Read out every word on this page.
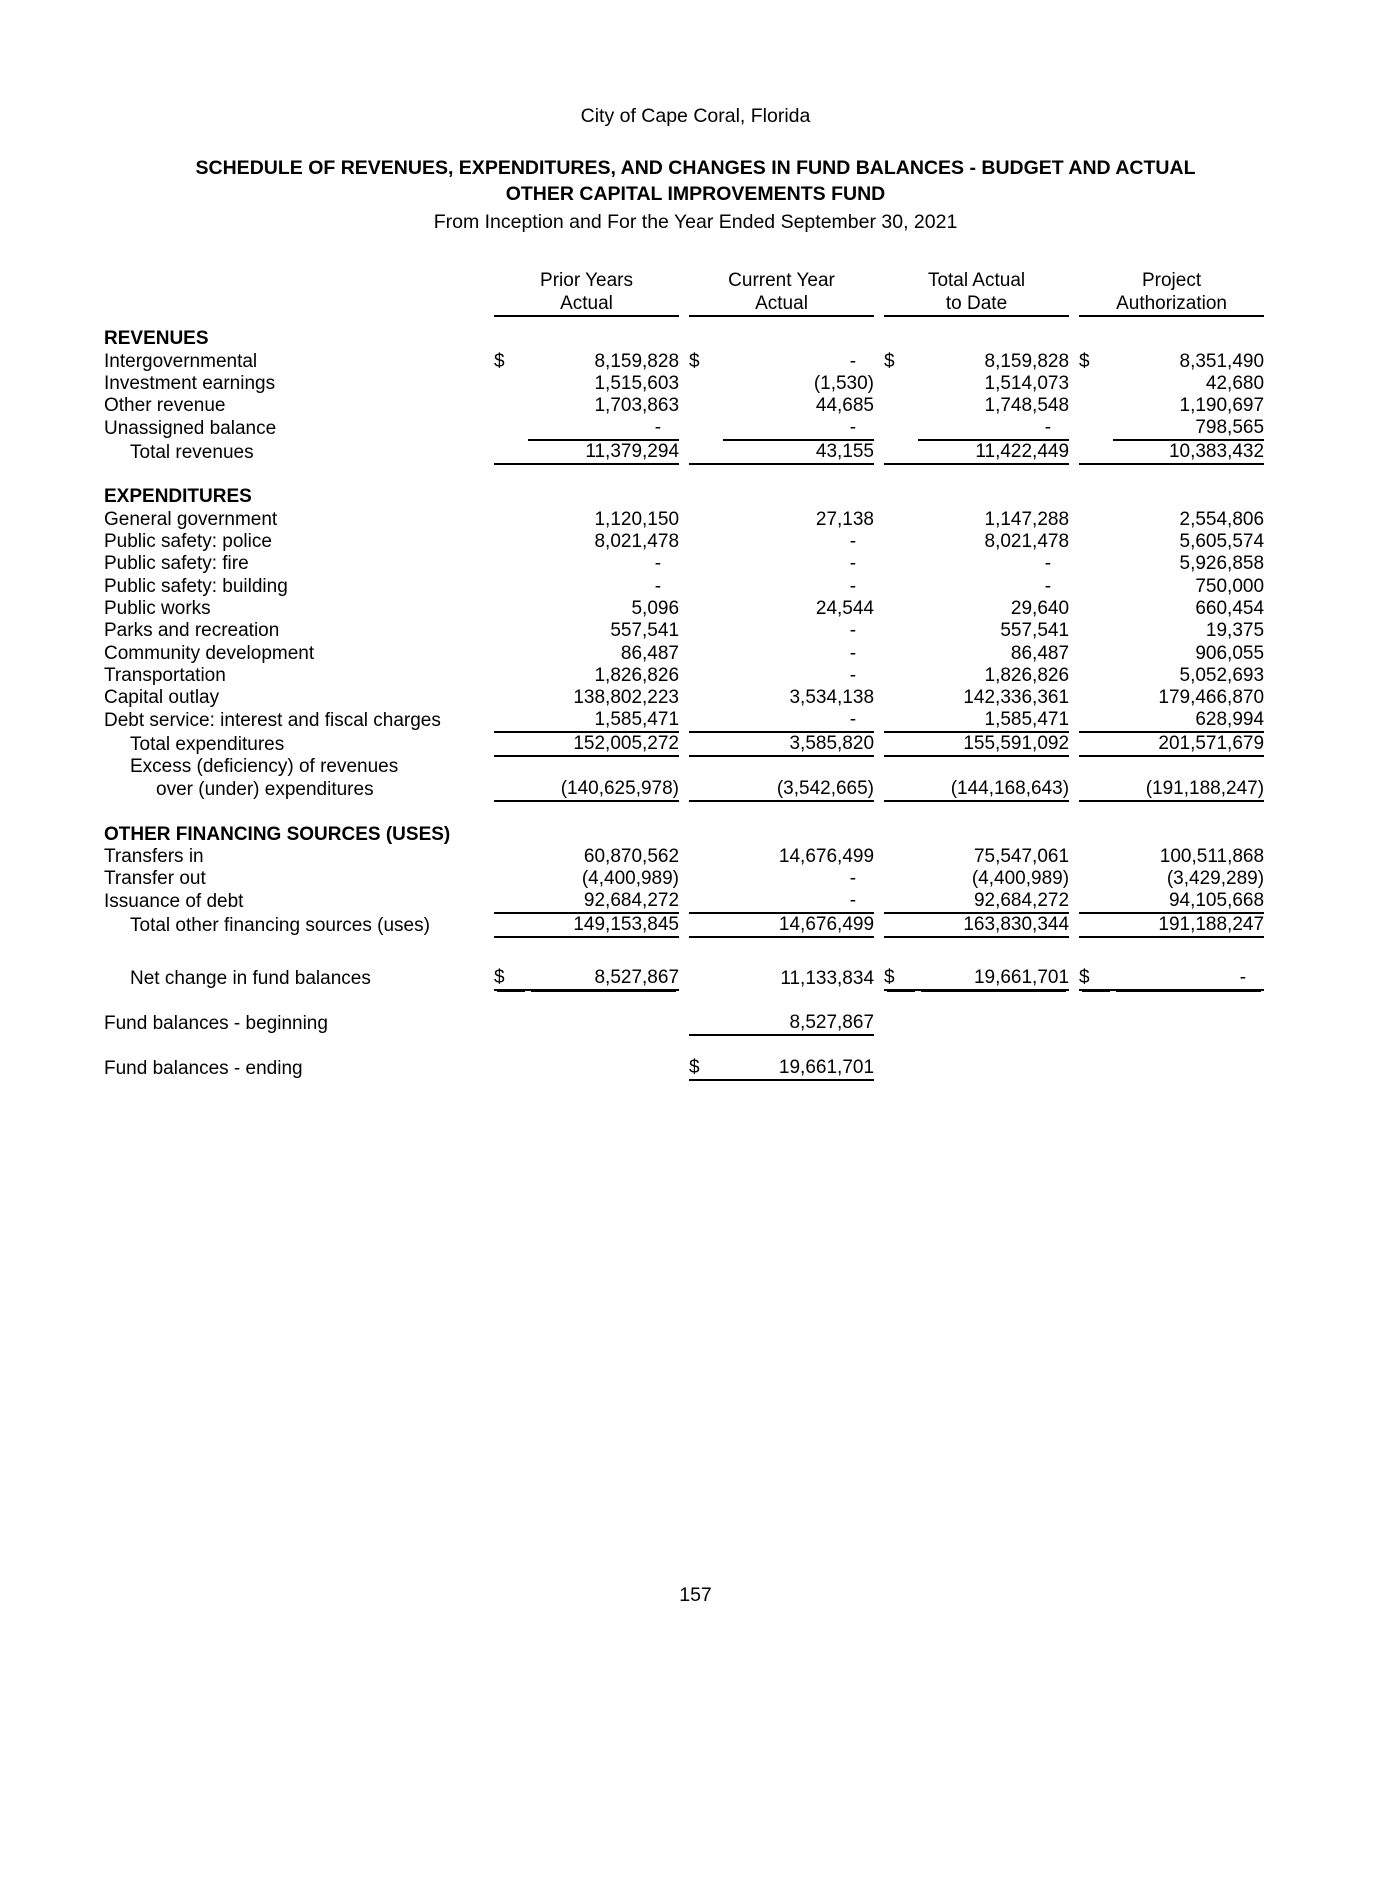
City of Cape Coral, Florida
SCHEDULE OF REVENUES, EXPENDITURES, AND CHANGES IN FUND BALANCES - BUDGET AND ACTUAL
OTHER CAPITAL IMPROVEMENTS FUND
From Inception and For the Year Ended September 30, 2021
	Prior Years			Current Year			Total Actual			Project	
	Actual			Actual			to Date			Authorization	

REVENUES											
Intergovernmental	$	8,159,828		$	-		$	8,159,828		$	8,351,490
Investment earnings		1,515,603			(1,530)			1,514,073			42,680
Other revenue		1,703,863			44,685			1,748,548			1,190,697
Unassigned balance		-			-			-			798,565
Total revenues		11,379,294			43,155			11,422,449			10,383,432

EXPENDITURES											
General government		1,120,150			27,138			1,147,288			2,554,806
Public safety: police		8,021,478			-			8,021,478			5,605,574
Public safety: fire		-			-			-			5,926,858
Public safety: building		-			-			-			750,000
Public works		5,096			24,544			29,640			660,454
Parks and recreation		557,541			-			557,541			19,375
Community development		86,487			-			86,487			906,055
Transportation		1,826,826			-			1,826,826			5,052,693
Capital outlay		138,802,223			3,534,138			142,336,361			179,466,870
Debt service: interest and fiscal charges		1,585,471			-			1,585,471			628,994
Total expenditures		152,005,272			3,585,820			155,591,092			201,571,679
Excess (deficiency) of revenues											
over (under) expenditures		(140,625,978)			(3,542,665)			(144,168,643)			(191,188,247)

OTHER FINANCING SOURCES (USES)											
Transfers in		60,870,562			14,676,499			75,547,061			100,511,868
Transfer out		(4,400,989)			-			(4,400,989)			(3,429,289)
Issuance of debt		92,684,272			-			92,684,272			94,105,668
Total other financing sources (uses)		149,153,845			14,676,499			163,830,344			191,188,247

Net change in fund balances	$	8,527,867			11,133,834		$	19,661,701		$	-

Fund balances - beginning					8,527,867						

Fund balances - ending				$	19,661,701						
157
